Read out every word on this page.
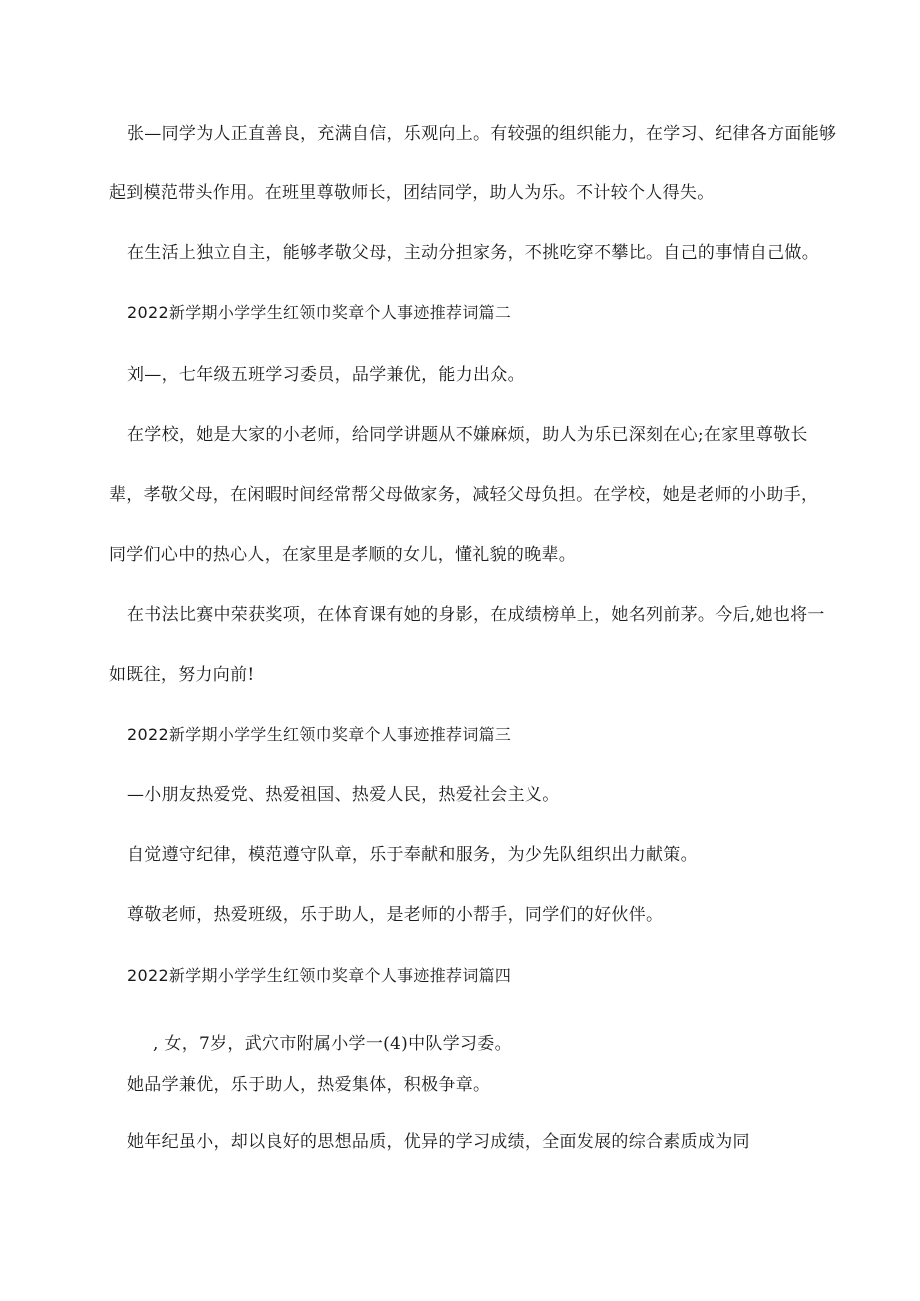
张—同学为人正直善良，充满自信，乐观向上。有较强的组织能力，在学习、纪律各方面能够
起到模范带头作用。在班里尊敬师长，团结同学，助人为乐。不计较个人得失。
在生活上独立自主，能够孝敬父母，主动分担家务，不挑吃穿不攀比。自己的事情自己做。
2022新学期小学学生红领巾奖章个人事迹推荐词篇二
刘—，七年级五班学习委员，品学兼优，能力出众。
在学校，她是大家的小老师，给同学讲题从不嫌麻烦，助人为乐已深刻在心;在家里尊敬长
辈，孝敬父母，在闲暇时间经常帮父母做家务，减轻父母负担。在学校，她是老师的小助手，
同学们心中的热心人，在家里是孝顺的女儿，懂礼貌的晚辈。
在书法比赛中荣获奖项，在体育课有她的身影，在成绩榜单上，她名列前茅。今后,她也将一
如既往，努力向前!
2022新学期小学学生红领巾奖章个人事迹推荐词篇三
—小朋友热爱党、热爱祖国、热爱人民，热爱社会主义。
自觉遵守纪律，模范遵守队章，乐于奉献和服务，为少先队组织出力献策。
尊敬老师，热爱班级，乐于助人，是老师的小帮手，同学们的好伙伴。
2022新学期小学学生红领巾奖章个人事迹推荐词篇四
, 女，7岁，武穴市附属小学一(4)中队学习委。
她品学兼优，乐于助人，热爱集体，积极争章。
她年纪虽小，却以良好的思想品质，优异的学习成绩，全面发展的综合素质成为同
